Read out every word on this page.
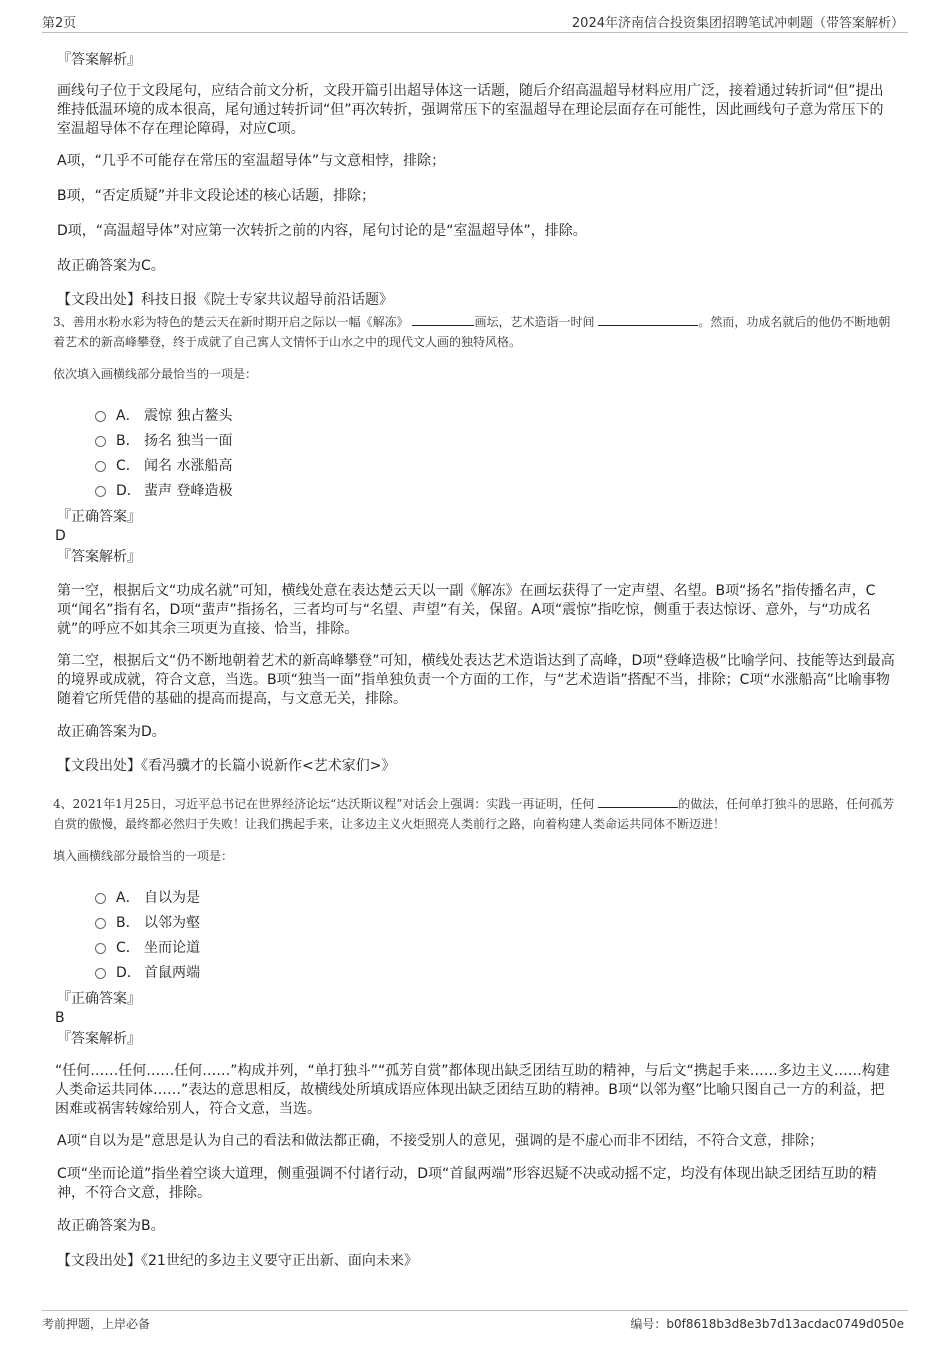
第2页	2024年济南信合投资集团招聘笔试冲刺题（带答案解析）

『答案解析』

画线句子位于文段尾句，应结合前文分析，文段开篇引出超导体这一话题，随后介绍高温超导材料应用广泛，接着通过转折词“但”提出维持低温环境的成本很高，尾句通过转折词“但”再次转折，强调常压下的室温超导在理论层面存在可能性，因此画线句子意为常压下的室温超导体不存在理论障碍，对应C项。

A项，“几乎不可能存在常压的室温超导体”与文意相悖，排除；

B项，“否定质疑”并非文段论述的核心话题，排除；

D项，“高温超导体”对应第一次转折之前的内容，尾句讨论的是“室温超导体”，排除。

故正确答案为C。

【文段出处】科技日报《院士专家共议超导前沿话题》

3、善用水粉水彩为特色的楚云天在新时期开启之际以一幅《解冻》	画坛，艺术造诣一时间	。然而，功成名就后的他仍不断地朝着艺术的新高峰攀登，终于成就了自己寓人文情怀于山水之中的现代文人画的独特风格。

依次填入画横线部分最恰当的一项是：

A． 震惊 独占鳌头
B． 扬名 独当一面
C． 闻名 水涨船高
D． 蜚声 登峰造极

『正确答案』

D

『答案解析』

第一空，根据后文“功成名就”可知，横线处意在表达楚云天以一副《解冻》在画坛获得了一定声望、名望。B项“扬名”指传播名声，C项“闻名”指有名，D项“蜚声”指扬名，三者均可与“名望、声望”有关，保留。A项“震惊”指吃惊，侧重于表达惊讶、意外，与“功成名就”的呼应不如其余三项更为直接、恰当，排除。

第二空，根据后文“仍不断地朝着艺术的新高峰攀登”可知，横线处表达艺术造诣达到了高峰，D项“登峰造极”比喻学问、技能等达到最高的境界或成就，符合文意，当选。B项“独当一面”指单独负责一个方面的工作，与“艺术造诣”搭配不当，排除；C项“水涨船高”比喻事物随着它所凭借的基础的提高而提高，与文意无关，排除。

故正确答案为D。

【文段出处】《看冯骥才的长篇小说新作<艺术家们>》

4、2021年1月25日，习近平总书记在世界经济论坛“达沃斯议程”对话会上强调：实践一再证明，任何	的做法，任何单打独斗的思路，任何孤芳自赏的傲慢，最终都必然归于失败！让我们携起手来，让多边主义火炬照亮人类前行之路，向着构建人类命运共同体不断迈进！

填入画横线部分最恰当的一项是：

A． 自以为是
B． 以邻为壑
C． 坐而论道
D． 首鼠两端

『正确答案』

B

『答案解析』

“任何……任何……任何……”构成并列，“单打独斗”“孤芳自赏”都体现出缺乏团结互助的精神，与后文“携起手来……多边主义……构建人类命运共同体……”表达的意思相反，故横线处所填成语应体现出缺乏团结互助的精神。B项“以邻为壑”比喻只图自己一方的利益，把困难或祸害转嫁给别人，符合文意，当选。

A项“自以为是”意思是认为自己的看法和做法都正确，不接受别人的意见，强调的是不虚心而非不团结，不符合文意，排除；

C项“坐而论道”指坐着空谈大道理，侧重强调不付诸行动，D项“首鼠两端”形容迟疑不决或动摇不定，均没有体现出缺乏团结互助的精神，不符合文意，排除。

故正确答案为B。

【文段出处】《21世纪的多边主义要守正出新、面向未来》

考前押题，上岸必备	编号：b0f8618b3d8e3b7d13acdac0749d050e
